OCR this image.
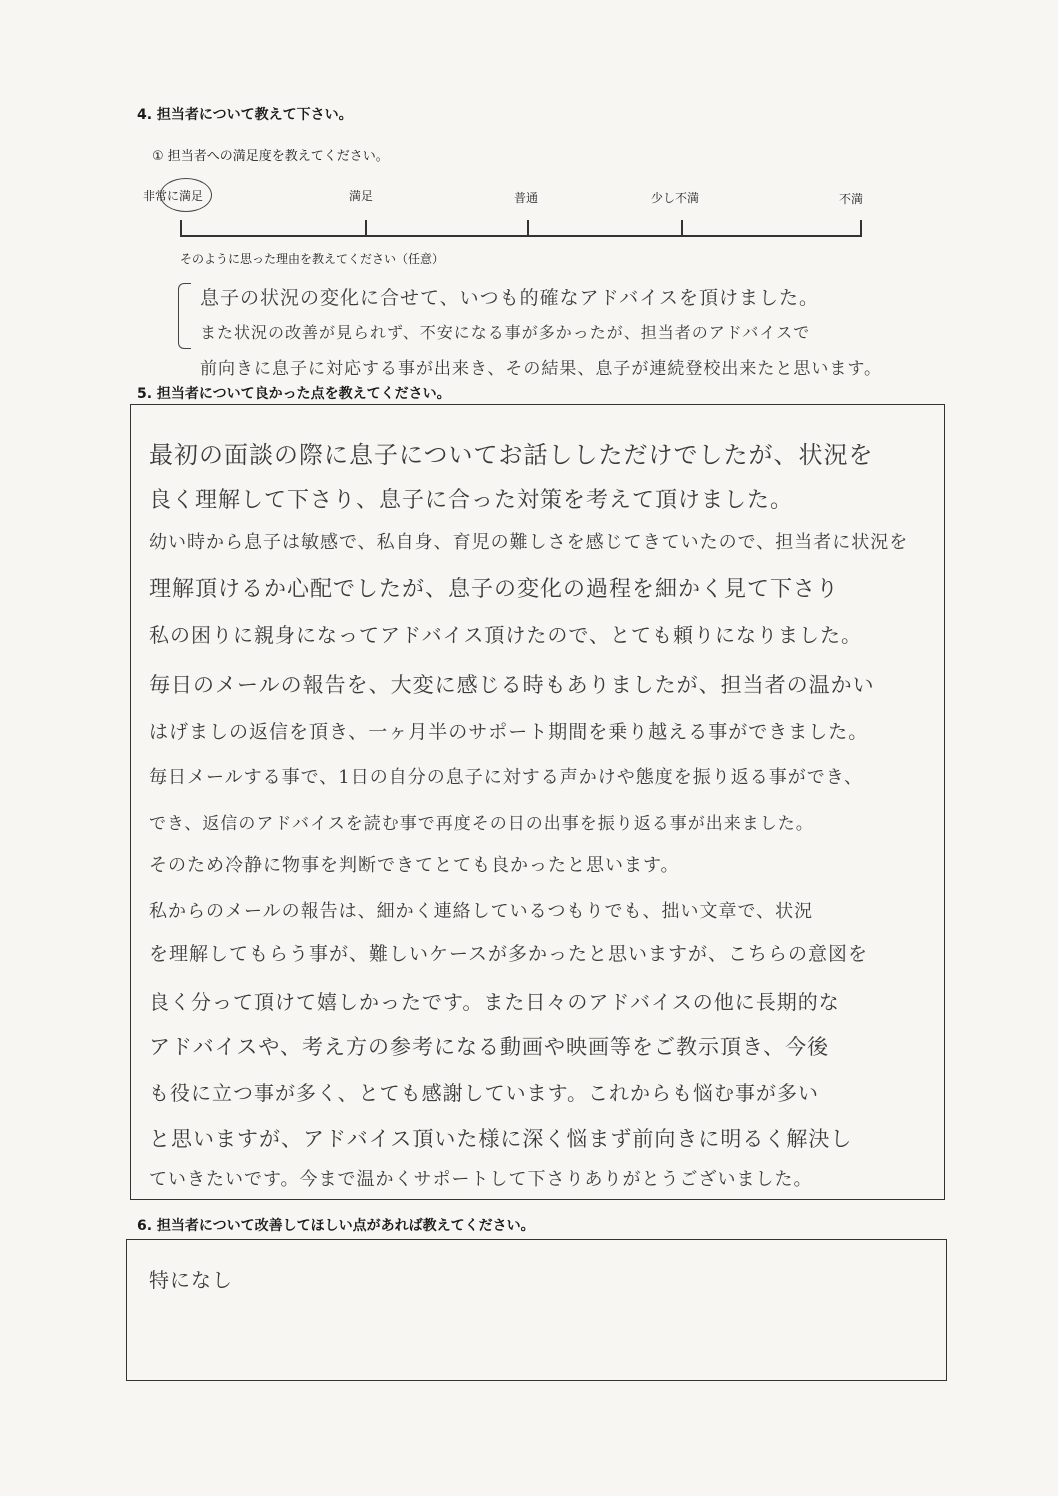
4. 担当者について教えて下さい。
① 担当者への満足度を教えてください。
非常に満足	満足	普通	少し不満	不満
そのように思った理由を教えてください（任意）
息子の状況の変化に合せて、いつも的確なアドバイスを頂けました。
また状況の改善が見られず、不安になる事が多かったが、担当者のアドバイスで
前向きに息子に対応する事が出来き、その結果、息子が連続登校出来たと思います。
5. 担当者について良かった点を教えてください。
最初の面談の際に息子についてお話ししただけでしたが、状況を
良く理解して下さり、息子に合った対策を考えて頂けました。
幼い時から息子は敏感で、私自身、育児の難しさを感じてきていたので、担当者に状況を
理解頂けるか心配でしたが、息子の変化の過程を細かく見て下さり
私の困りに親身になってアドバイス頂けたので、とても頼りになりました。
毎日のメールの報告を、大変に感じる時もありましたが、担当者の温かい
はげましの返信を頂き、一ヶ月半のサポート期間を乗り越える事ができました。
毎日メールする事で、1日の自分の息子に対する声かけや態度を振り返る事ができ、
でき、返信のアドバイスを読む事で再度その日の出事を振り返る事が出来ました。
そのため冷静に物事を判断できてとても良かったと思います。
私からのメールの報告は、細かく連絡しているつもりでも、拙い文章で、状況
を理解してもらう事が、難しいケースが多かったと思いますが、こちらの意図を
良く分って頂けて嬉しかったです。また日々のアドバイスの他に長期的な
アドバイスや、考え方の参考になる動画や映画等をご教示頂き、今後
も役に立つ事が多く、とても感謝しています。これからも悩む事が多い
と思いますが、アドバイス頂いた様に深く悩まず前向きに明るく解決し
ていきたいです。今まで温かくサポートして下さりありがとうございました。
6. 担当者について改善してほしい点があれば教えてください。
特になし
